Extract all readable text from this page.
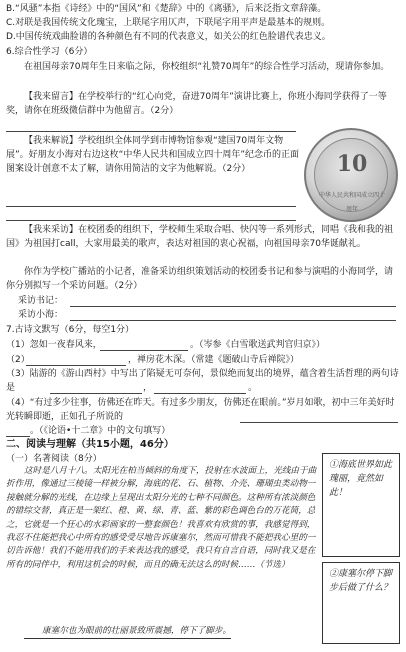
B.“风骚”本指《诗经》中的“国风”和《楚辞》中的《离骚》，后来泛指文章辞藻。
C.对联是我国传统文化瑰宝，上联尾字用仄声，下联尾字用平声是最基本的规则。
D.中国传统戏曲脸谱的各种颜色有不同的代表意义，如关公的红色脸谱代表忠义。
6.综合性学习（6分）
在祖国母亲70周年生日来临之际，你校组织“礼赞70周年”的综合性学习活动，现请你参加。
【我来留言】在学校举行的“红心向党，奋进70周年”演讲比赛上，你班小海同学获得了一等奖，请你在班级微信群中为他留言。（2分）
【我来解说】学校组织全体同学到市博物馆参观“建国70周年文物展”。好朋友小海对右边这枚“中华人民共和国成立四十周年”纪念币的正面图案设计创意不太了解，请你用简洁的文字为他解说。（2分）	10
中华人民共和国成立四十周年
【我来采访】在校团委的组织下，学校师生采取合唱、快闪等一系列形式，同唱《我和我的祖国》为祖国打call，大家用最美的歌声，表达对祖国的衷心祝福，向祖国母亲70华诞献礼。
你作为学校广播站的小记者，准备采访组织策划活动的校团委书记和参与演唱的小海同学，请你分别拟写一个采访问题。（2分）
采访书记：
采访小海：
7.古诗文默写（6分，每空1分）
（1）忽如一夜春风来，	。（岑参《白雪歌送武判官归京》）
（2）	，禅房花木深。（常建《题破山寺后禅院》）
（3）陆游的《游山西村》中写出了陷疑无可奈何，景似绝而复出的境界，蕴含着生活哲理的两句诗是	，	。
（4）“有过多少往事，仿佛还在昨天。有过多少朋友，仿佛还在眼前。”岁月如歌，初中三年美好时光转瞬即逝，正如孔子所说的
。（《论语•十二章》中的文句填写）
二、阅读与理解（共15小题，46分）
（一）名著阅读（8分）
这时是八月十八。太阳光在柏当倾斜的角度下，投射在水波面上，光线由于曲折作用，像通过三棱镜一样被分解，海底的花、石、植物、介壳、珊瑚虫类动物一接触就分解的光线，在边缘上呈现出太阳分光的七种不同颜色。这种所有浓淡颜色的错综交替，真正是一架红、橙、黄、绿、青、蓝、紫的彩色调色台的万花筒，总之，它就是一个狂心的水彩画家的一整套颜色！我喜欢有欣赏的事，我感觉得到，我忍不住能把我心中所有的感受受尽地告诉康塞尔，然而可惜我不能把我心里的一切告诉他！我们不能用我们的手来表达我的感受，我只有自言自语，同时我又是在所有的同伴中，利用这机会的时候，而且的确无法这么的时候……（节选）
康塞尔也为眼前的壮丽景致所震撼，停下了脚步。
①海底世界如此瑰丽，竟然如此！
②康塞尔停下脚步后做了什么？
